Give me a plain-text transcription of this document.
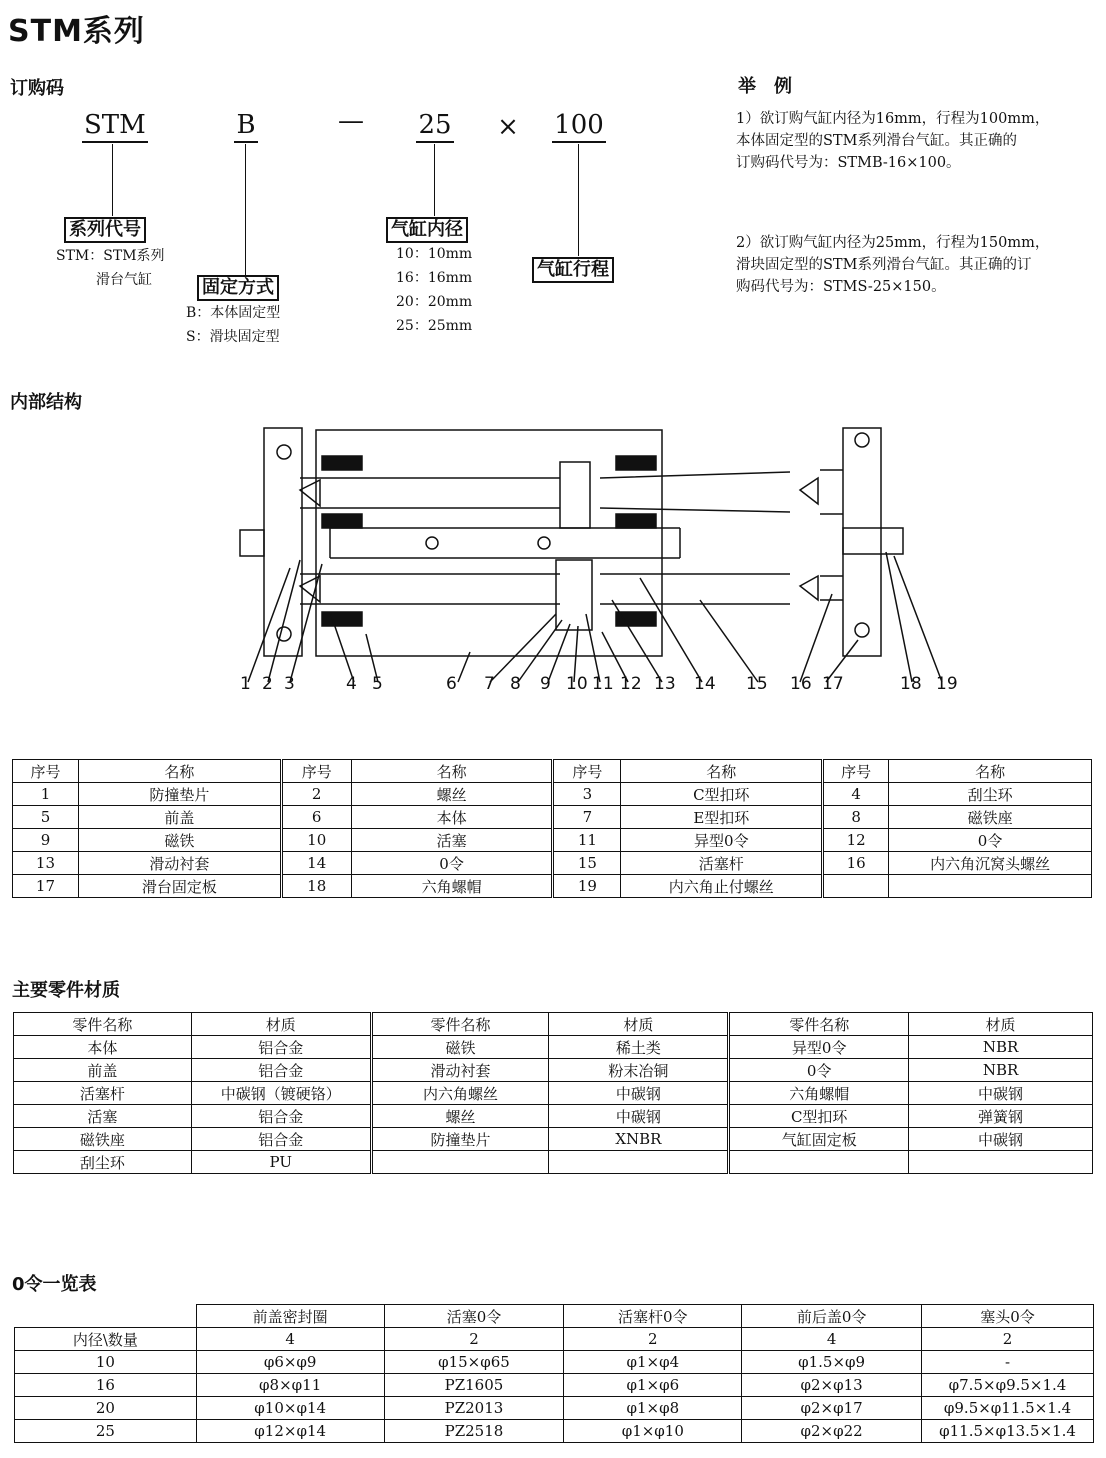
STM系列
订购码
STM	B	—	25	×	100
系列代号
STM：STM系列
滑台气缸	固定方式
B：本体固定型
S：滑块固定型
气缸内径
10：10mm
16：16mm
20：20mm
25：25mm
气缸行程
举　例
1）欲订购气缸内径为16mm，行程为100mm，
本体固定型的STM系列滑台气缸。其正确的
订购码代号为：STMB-16×100。
2）欲订购气缸内径为25mm，行程为150mm，
滑块固定型的STM系列滑台气缸。其正确的订
购码代号为：STMS-25×150。
内部结构
1 2 3	4 5	6 7 8 9 10 11 12 13 14 15 16 17	18 19
序号	名称	序号	名称	序号	名称	序号	名称
1	防撞垫片	2	螺丝	3	C型扣环	4	刮尘环
5	前盖	6	本体	7	E型扣环	8	磁铁座
9	磁铁	10	活塞	11	异型0令	12	0令
13	滑动衬套	14	0令	15	活塞杆	16	内六角沉窝头螺丝
17	滑台固定板	18	六角螺帽	19	内六角止付螺丝		
主要零件材质
零件名称	材质	零件名称	材质	零件名称	材质
本体	铝合金	磁铁	稀土类	异型0令	NBR
前盖	铝合金	滑动衬套	粉末冶铜	0令	NBR
活塞杆	中碳钢（镀硬铬）	内六角螺丝	中碳钢	六角螺帽	中碳钢
活塞	铝合金	螺丝	中碳钢	C型扣环	弹簧钢
磁铁座	铝合金	防撞垫片	XNBR	气缸固定板	中碳钢
刮尘环	PU				
0令一览表
	前盖密封圈	活塞0令	活塞杆0令	前后盖0令	塞头0令
内径\数量	4	2	2	4	2
10	φ6×φ9	φ15×φ65	φ1×φ4	φ1.5×φ9	-
16	φ8×φ11	PZ1605	φ1×φ6	φ2×φ13	φ7.5×φ9.5×1.4
20	φ10×φ14	PZ2013	φ1×φ8	φ2×φ17	φ9.5×φ11.5×1.4
25	φ12×φ14	PZ2518	φ1×φ10	φ2×φ22	φ11.5×φ13.5×1.4
